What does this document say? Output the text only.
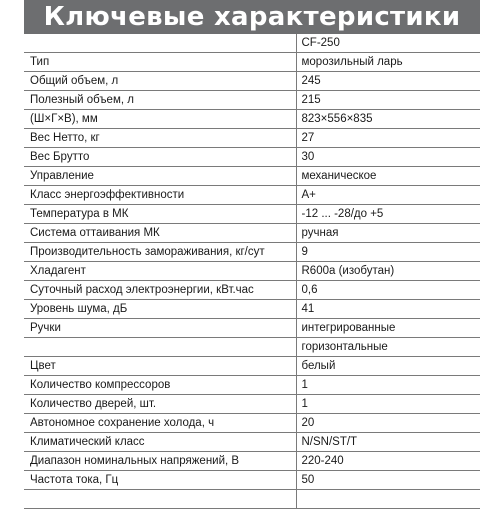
Ключевые характеристики
	CF-250
Тип	морозильный ларь
Общий объем, л	245
Полезный объем, л	215
(Ш×Г×В), мм	823×556×835
Вес Нетто, кг	27
Вес Брутто	30
Управление	механическое
Класс энергоэффективности	A+
Температура в МК	-12 ... -28/до +5
Система оттаивания МК	ручная
Производительность замораживания, кг/сут	9
Хладагент	R600a (изобутан)
Суточный расход электроэнергии, кВт.час	0,6
Уровень шума, дБ	41
Ручки	интегрированные
	горизонтальные
Цвет	белый
Количество компрессоров	1
Количество дверей, шт.	1
Автономное сохранение холода, ч	20
Климатический класс	N/SN/ST/T
Диапазон номинальных напряжений, В	220-240
Частота тока, Гц	50
